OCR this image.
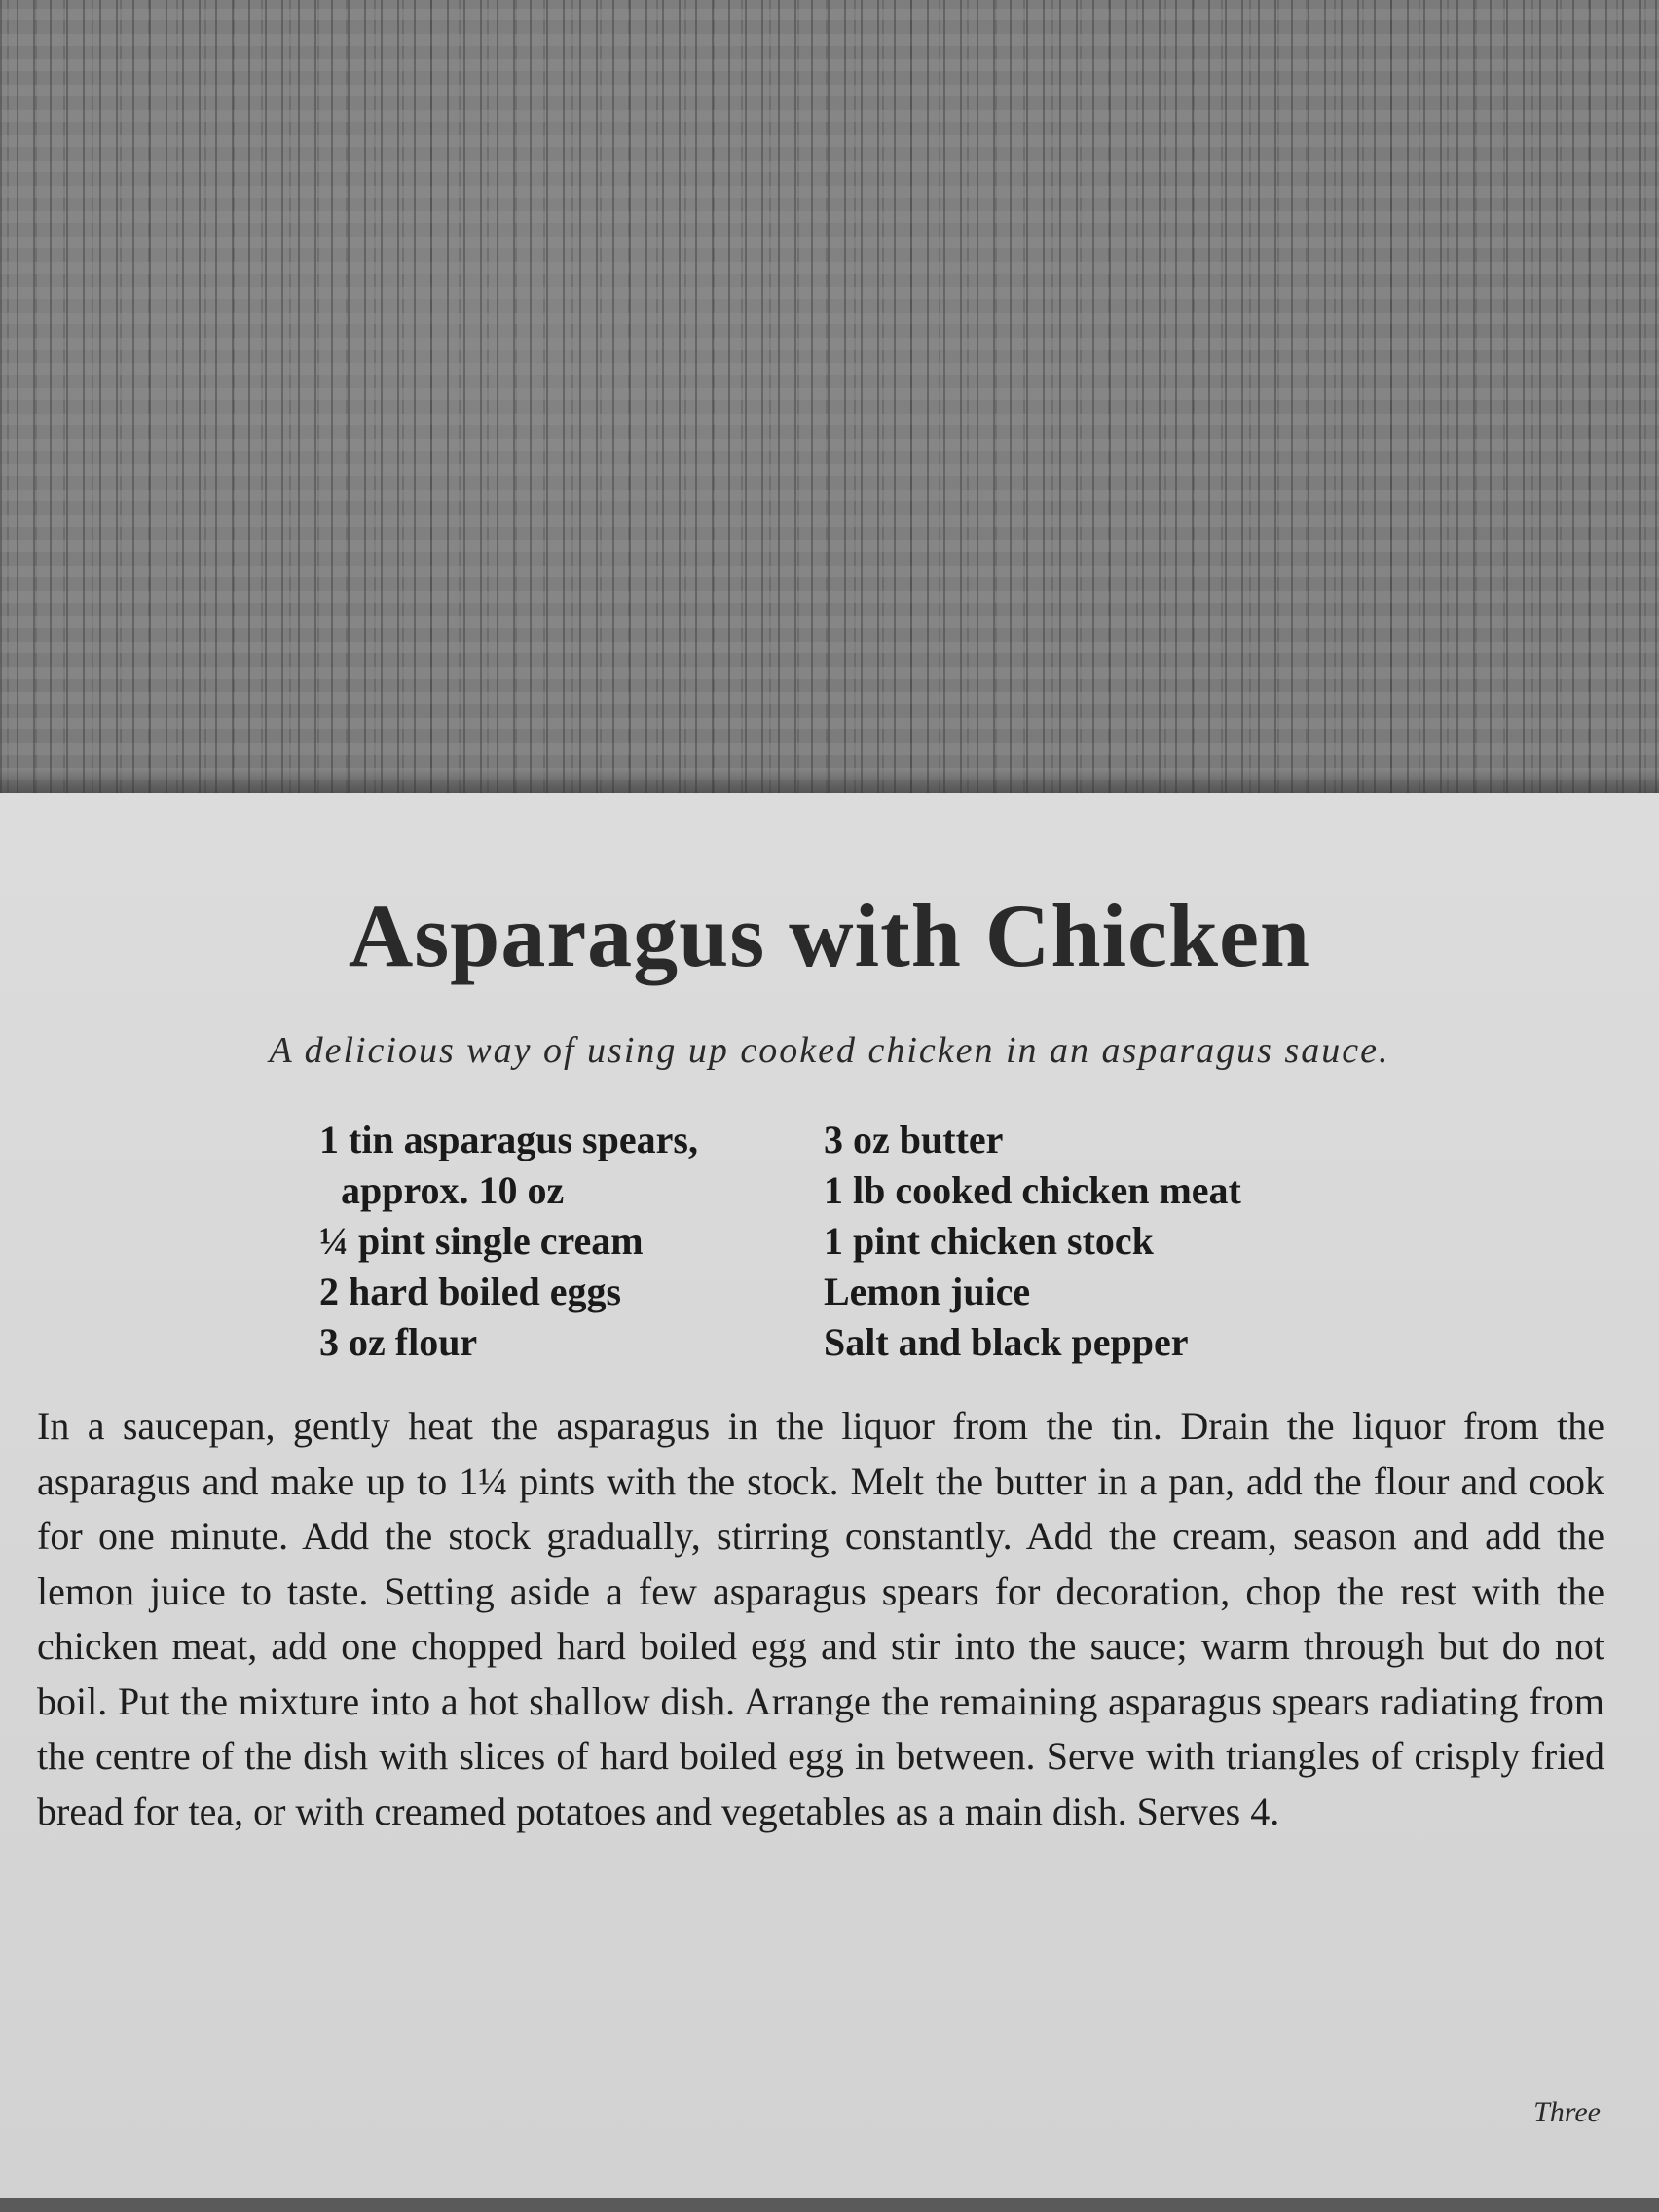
Asparagus with Chicken

A delicious way of using up cooked chicken in an asparagus sauce.

1 tin asparagus spears,
approx. 10 oz
¼ pint single cream
2 hard boiled eggs
3 oz flour
3 oz butter
1 lb cooked chicken meat
1 pint chicken stock
Lemon juice
Salt and black pepper

In a saucepan, gently heat the asparagus in the liquor from the tin. Drain the liquor from the asparagus and make up to 1¼ pints with the stock. Melt the butter in a pan, add the flour and cook for one minute. Add the stock gradually, stirring constantly. Add the cream, season and add the lemon juice to taste. Setting aside a few asparagus spears for decoration, chop the rest with the chicken meat, add one chopped hard boiled egg and stir into the sauce; warm through but do not boil. Put the mixture into a hot shallow dish. Arrange the remaining asparagus spears radiating from the centre of the dish with slices of hard boiled egg in between. Serve with triangles of crisply fried bread for tea, or with creamed potatoes and vegetables as a main dish. Serves 4.

Three
